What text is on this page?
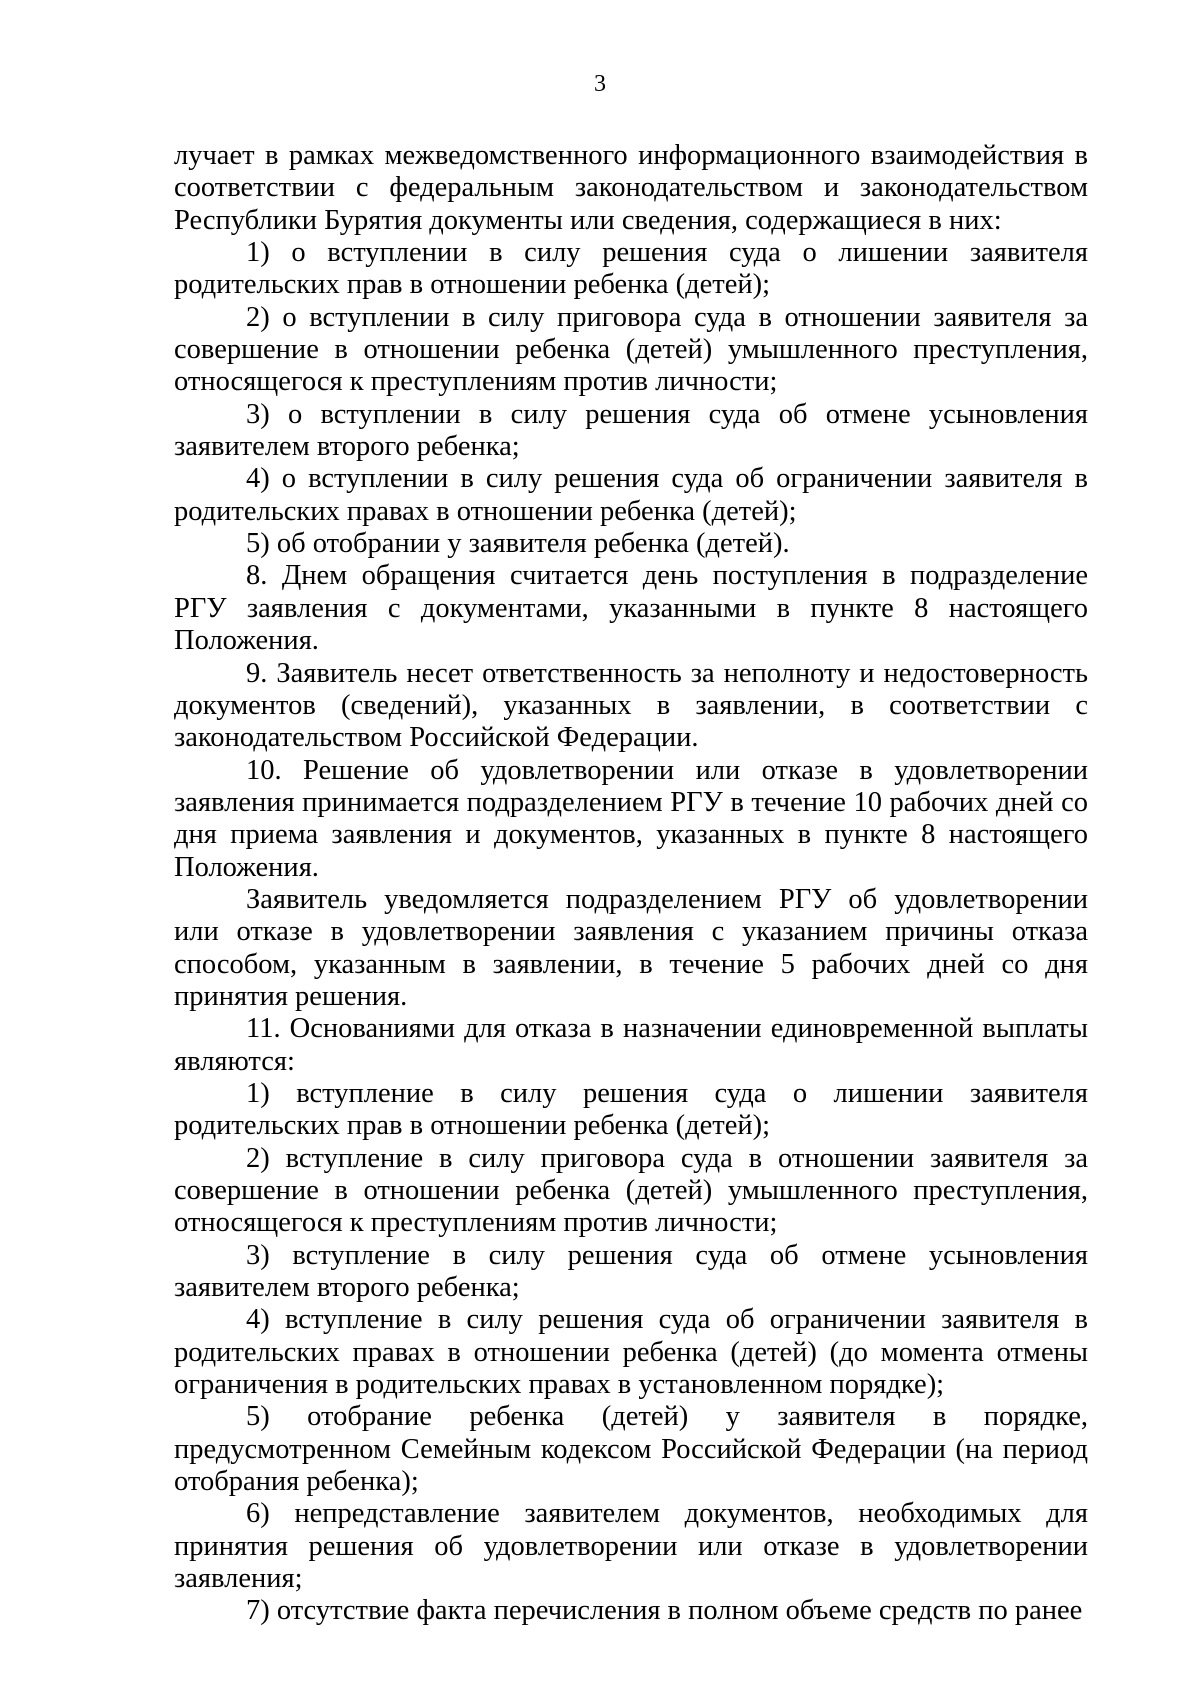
3

лучает в рамках межведомственного информационного взаимодействия в соответствии с федеральным законодательством и законодательством Республики Бурятия документы или сведения, содержащиеся в них:

1) о вступлении в силу решения суда о лишении заявителя родительских прав в отношении ребенка (детей);

2) о вступлении в силу приговора суда в отношении заявителя за совершение в отношении ребенка (детей) умышленного преступления, относящегося к преступлениям против личности;

3) о вступлении в силу решения суда об отмене усыновления заявителем второго ребенка;

4) о вступлении в силу решения суда об ограничении заявителя в родительских правах в отношении ребенка (детей);

5) об отобрании у заявителя ребенка (детей).

8. Днем обращения считается день поступления в подразделение РГУ заявления с документами, указанными в пункте 8 настоящего Положения.

9. Заявитель несет ответственность за неполноту и недостоверность документов (сведений), указанных в заявлении, в соответствии с законодательством Российской Федерации.

10. Решение об удовлетворении или отказе в удовлетворении заявления принимается подразделением РГУ в течение 10 рабочих дней со дня приема заявления и документов, указанных в пункте 8 настоящего Положения.

Заявитель уведомляется подразделением РГУ об удовлетворении или отказе в удовлетворении заявления с указанием причины отказа способом, указанным в заявлении, в течение 5 рабочих дней со дня принятия решения.

11. Основаниями для отказа в назначении единовременной выплаты являются:

1) вступление в силу решения суда о лишении заявителя родительских прав в отношении ребенка (детей);

2) вступление в силу приговора суда в отношении заявителя за совершение в отношении ребенка (детей) умышленного преступления, относящегося к преступлениям против личности;

3) вступление в силу решения суда об отмене усыновления заявителем второго ребенка;

4) вступление в силу решения суда об ограничении заявителя в родительских правах в отношении ребенка (детей) (до момента отмены ограничения в родительских правах в установленном порядке);

5) отобрание ребенка (детей) у заявителя в порядке, предусмотренном Семейным кодексом Российской Федерации (на период отобрания ребенка);

6) непредставление заявителем документов, необходимых для принятия решения об удовлетворении или отказе в удовлетворении заявления;

7) отсутствие факта перечисления в полном объеме средств по ранее
